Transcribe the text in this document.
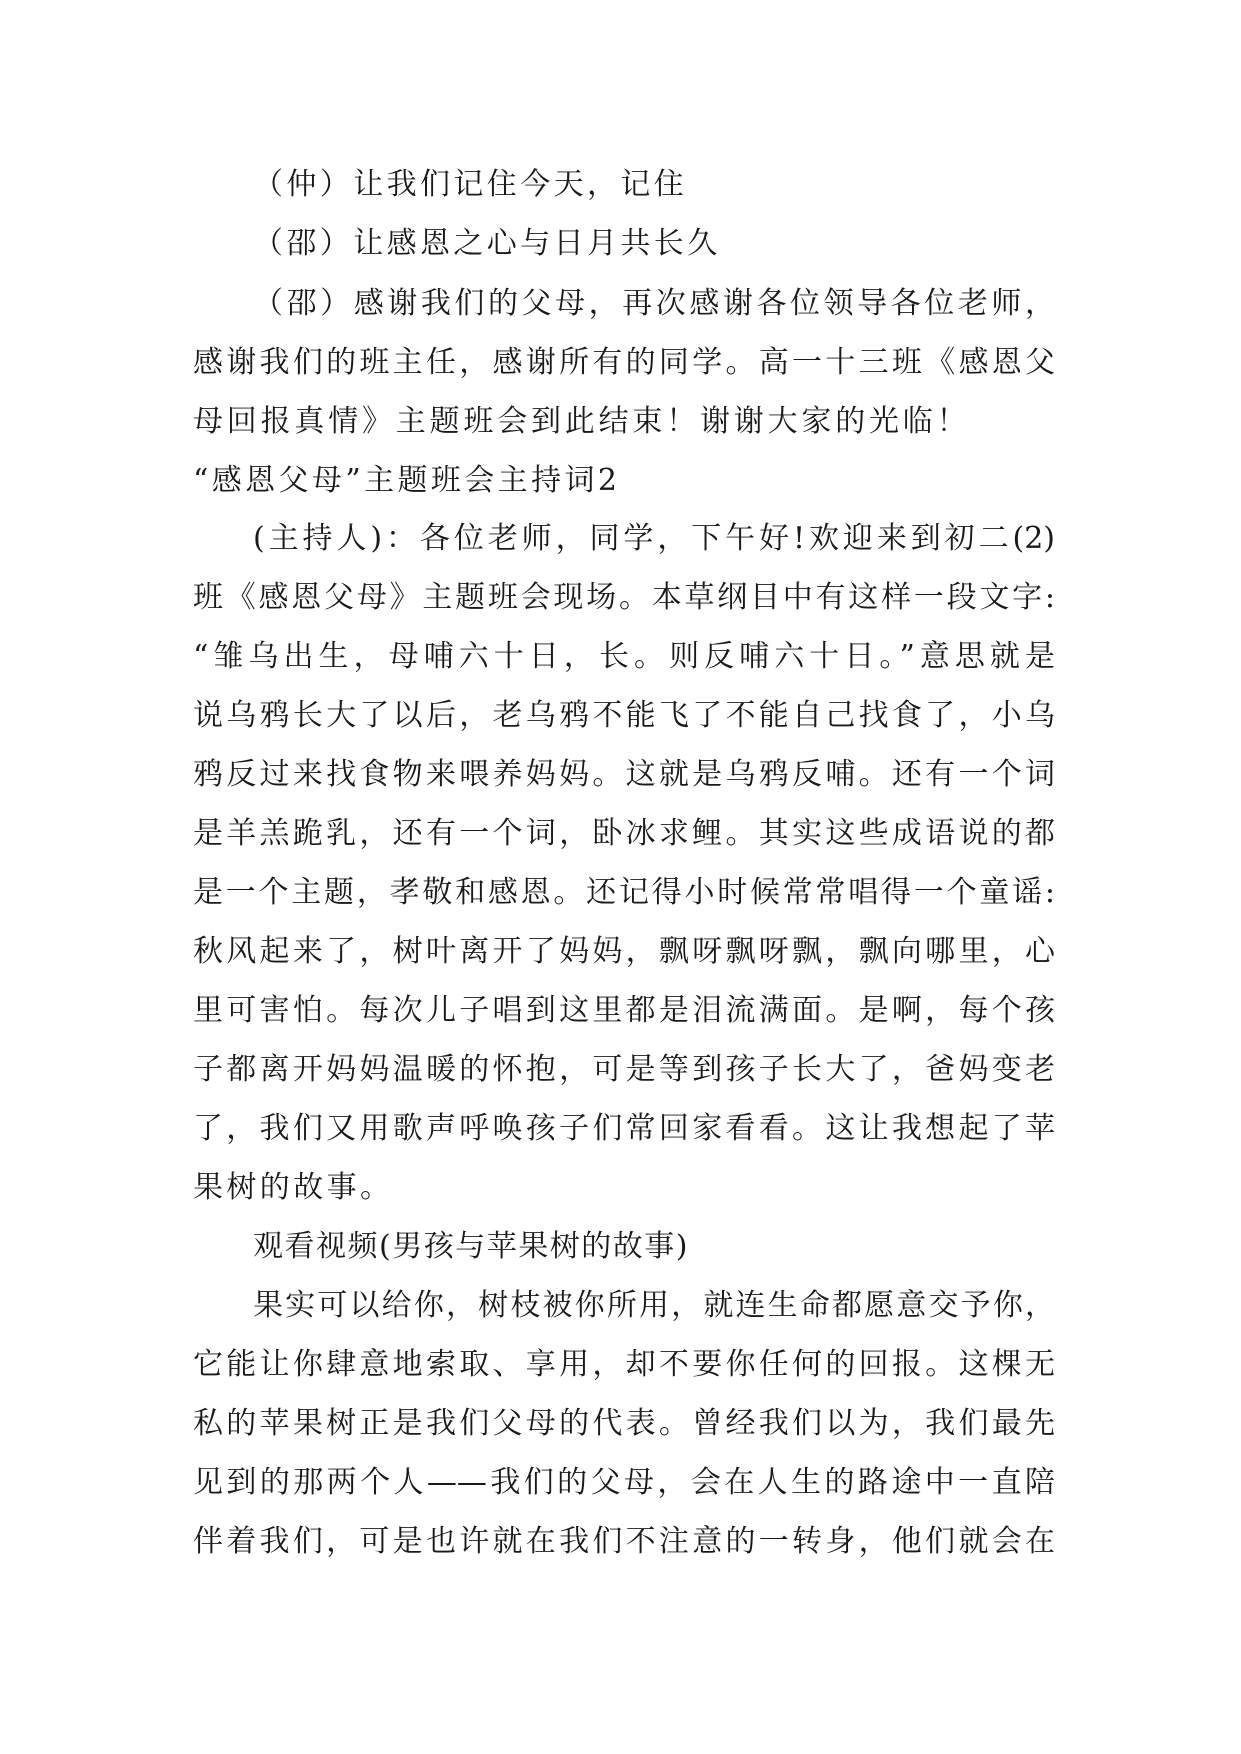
（仲）让我们记住今天，记住
（邵）让感恩之心与日月共长久
（邵）感谢我们的父母，再次感谢各位领导各位老师，
感谢我们的班主任，感谢所有的同学。高一十三班《感恩父
母回报真情》主题班会到此结束！谢谢大家的光临！
“感恩父母”主题班会主持词2
(主持人)：各位老师，同学，下午好!欢迎来到初二(2)
班《感恩父母》主题班会现场。本草纲目中有这样一段文字:
“雏乌出生，母哺六十日，长。则反哺六十日。”意思就是
说乌鸦长大了以后，老乌鸦不能飞了不能自己找食了，小乌
鸦反过来找食物来喂养妈妈。这就是乌鸦反哺。还有一个词
是羊羔跪乳，还有一个词，卧冰求鲤。其实这些成语说的都
是一个主题，孝敬和感恩。还记得小时候常常唱得一个童谣:
秋风起来了，树叶离开了妈妈，飘呀飘呀飘，飘向哪里，心
里可害怕。每次儿子唱到这里都是泪流满面。是啊，每个孩
子都离开妈妈温暖的怀抱，可是等到孩子长大了，爸妈变老
了，我们又用歌声呼唤孩子们常回家看看。这让我想起了苹
果树的故事。
观看视频(男孩与苹果树的故事)
果实可以给你，树枝被你所用，就连生命都愿意交予你，
它能让你肆意地索取、享用，却不要你任何的回报。这棵无
私的苹果树正是我们父母的代表。曾经我们以为，我们最先
见到的那两个人——我们的父母，会在人生的路途中一直陪
伴着我们，可是也许就在我们不注意的一转身，他们就会在
